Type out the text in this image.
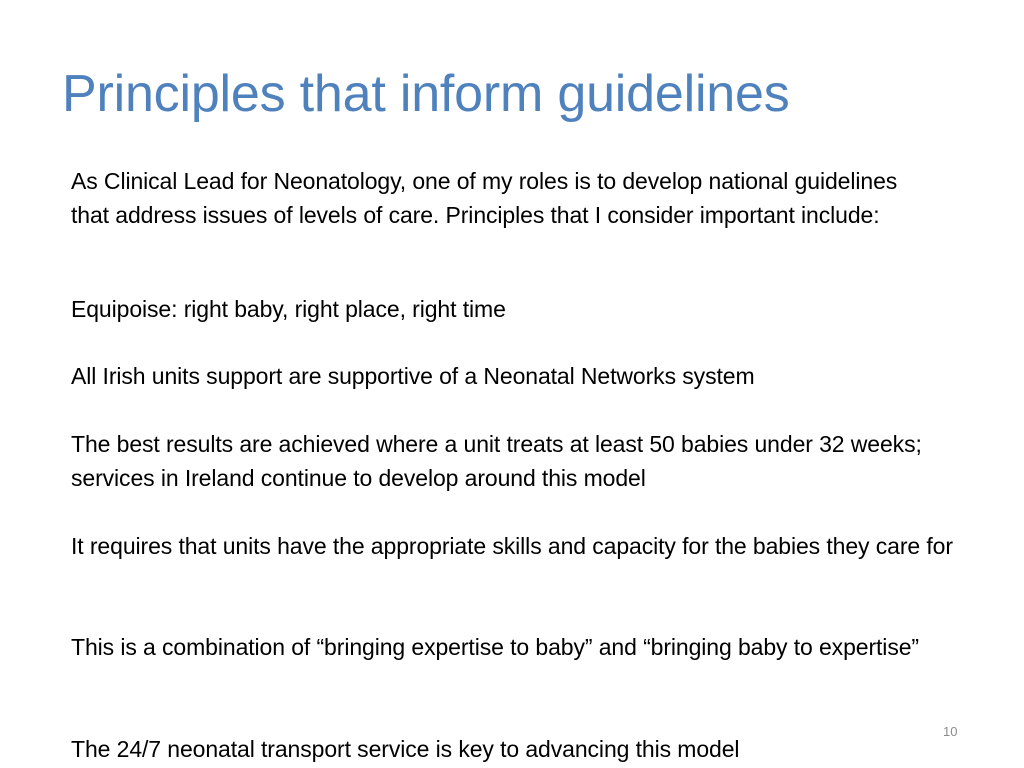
Principles that inform guidelines
As Clinical Lead for Neonatology, one of my roles is to develop national guidelines that address issues of levels of care. Principles that I consider important include:
Equipoise: right baby, right place, right time
All Irish units support are supportive of a Neonatal Networks system
The best results are achieved where a unit treats at least 50 babies under 32 weeks; services in Ireland continue to develop around this model
It requires that units have the appropriate skills and capacity for the babies they care for
This is a combination of “bringing expertise to baby” and “bringing baby to expertise”
The 24/7 neonatal transport service is key to advancing this model
10
